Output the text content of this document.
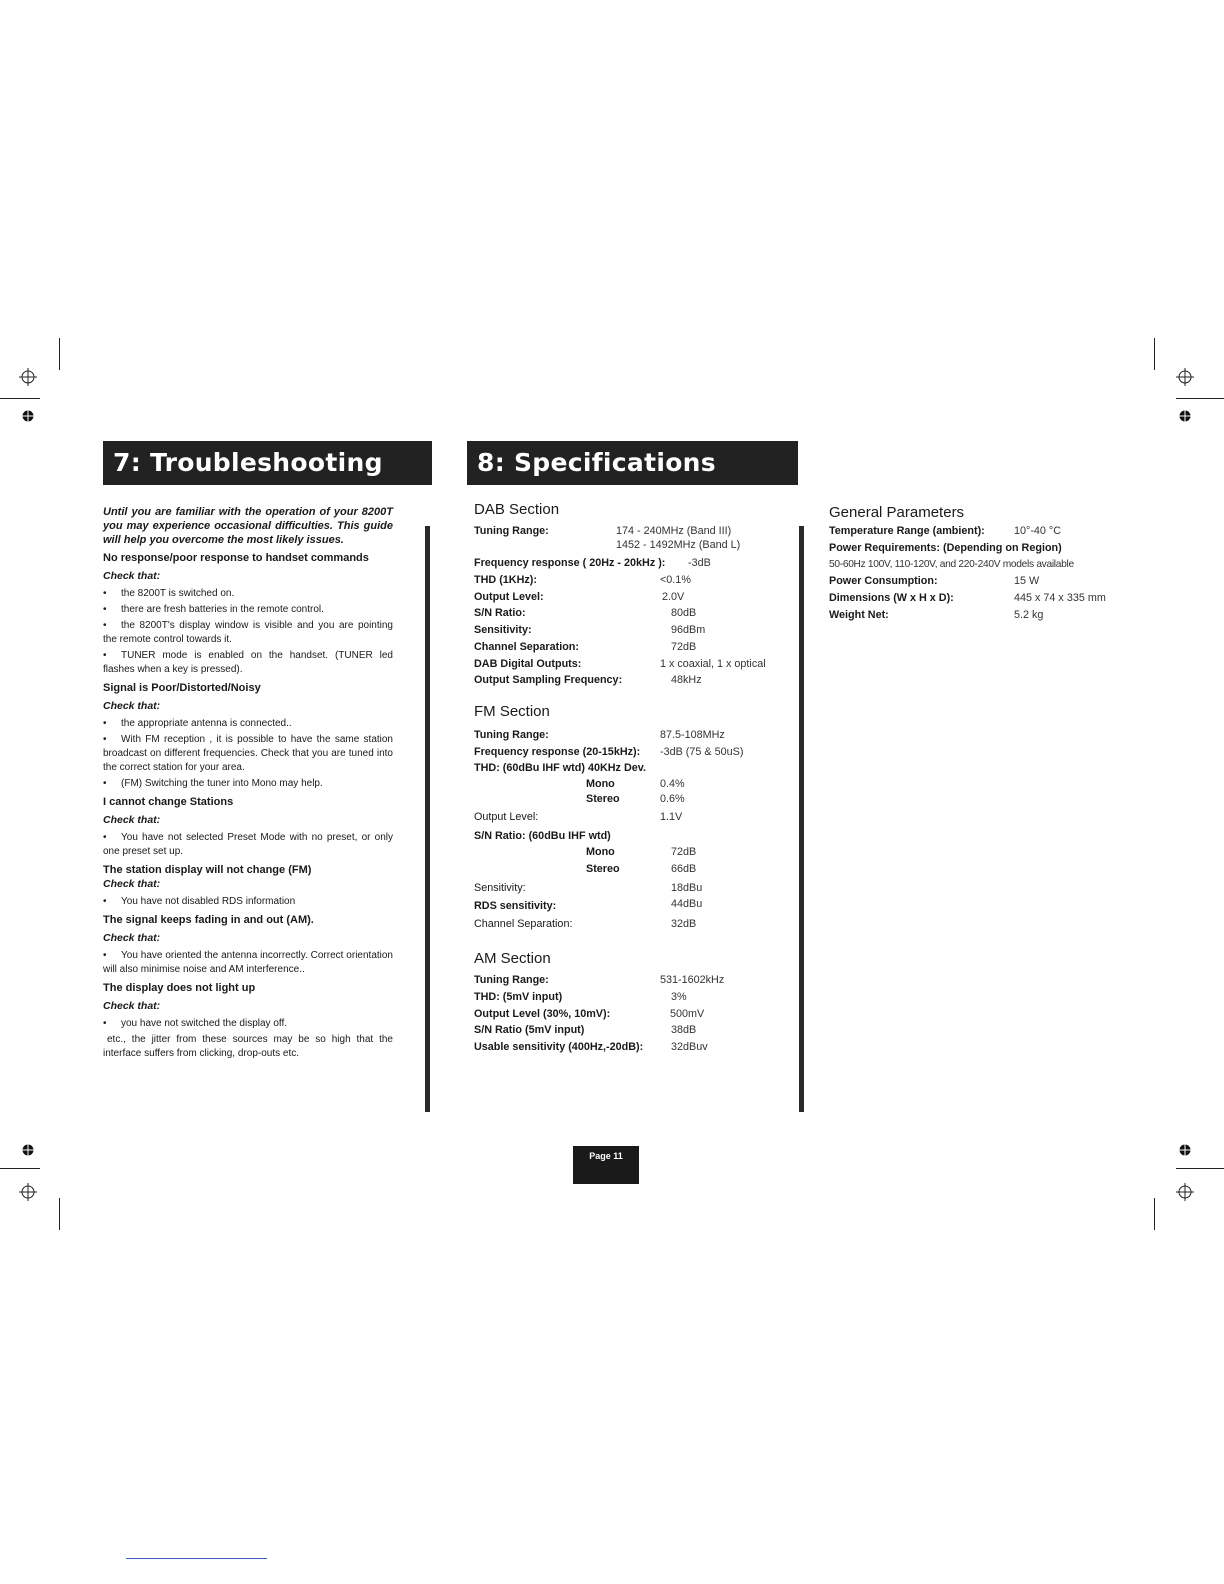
7: Troubleshooting	8: Specifications

Until you are familiar with the operation of your 8200T you may experience occasional difficulties. This guide will help you overcome the most likely issues.

No response/poor response to handset commands

Check that:

• the 8200T is switched on.

• there are fresh batteries in the remote control.

• the 8200T's display window is visible and you are pointing the remote control towards it.

• TUNER mode is enabled on the handset. (TUNER led flashes when a key is pressed).

Signal is Poor/Distorted/Noisy

Check that:

• the appropriate antenna is connected..

• With FM reception , it is possible to have the same station broadcast on different frequencies. Check that you are tuned into the correct station for your area.

• (FM) Switching the tuner into Mono may help.

I cannot change Stations

Check that:

• You have not selected Preset Mode with no preset, or only one preset set up.

The station display will not change (FM)

Check that:

• You have not disabled RDS information

The signal keeps fading in and out (AM).

Check that:

• You have oriented the antenna incorrectly. Correct orientation will also minimise noise and AM interference..

The display does not light up

Check that:

• you have not switched the display off.

etc., the jitter from these sources may be so high that the interface suffers from clicking, drop-outs etc.

DAB Section
Tuning Range:	174 - 240MHz (Band III)
1452 - 1492MHz (Band L)
Frequency response ( 20Hz - 20kHz ): -3dB
THD (1KHz):	<0.1%
Output Level:	2.0V
S/N Ratio:	80dB
Sensitivity:	96dBm
Channel Separation:	72dB
DAB Digital Outputs:	1 x coaxial, 1 x optical
Output Sampling Frequency:	48kHz
FM Section
Tuning Range:	87.5-108MHz
Frequency response (20-15kHz): -3dB (75 & 50uS)
THD: (60dBu IHF wtd) 40KHz Dev.
Mono	0.4%
Stereo	0.6%
Output Level:	1.1V
S/N Ratio: (60dBu IHF wtd)
Mono	72dB
Stereo	66dB
Sensitivity:	18dBu
RDS sensitivity:	44dBu
Channel Separation:	32dB
AM Section
Tuning Range:	531-1602kHz
THD: (5mV input)	3%
Output Level (30%, 10mV):	500mV
S/N Ratio (5mV input)	38dB
Usable sensitivity (400Hz,-20dB):	32dBuv
General Parameters
Temperature Range (ambient):	10°-40 °C
Power Requirements: (Depending on Region)
50-60Hz 100V, 110-120V, and 220-240V models available
Power Consumption:	15 W
Dimensions (W x H x D):	445 x 74 x 335 mm
Weight Net:	5.2 kg
Page 11
